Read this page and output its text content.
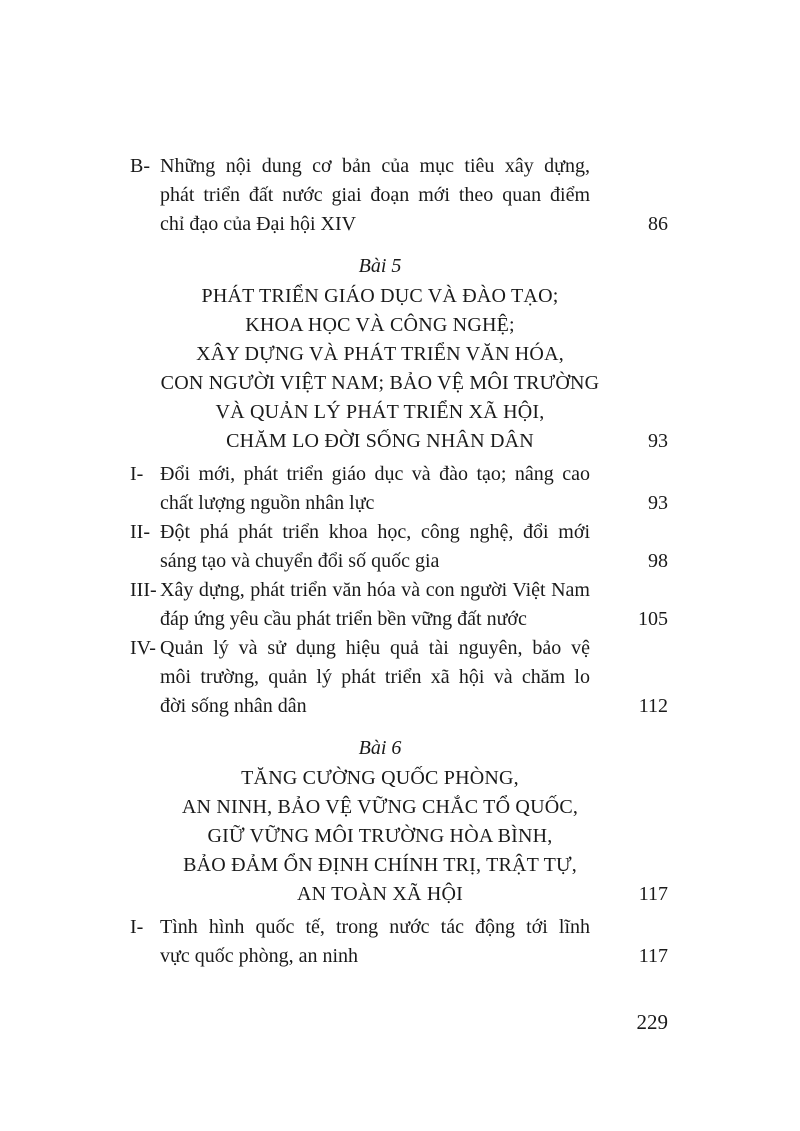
B- Những nội dung cơ bản của mục tiêu xây dựng,
phát triển đất nước giai đoạn mới theo quan điểm
chỉ đạo của Đại hội XIV	86
Bài 5
PHÁT TRIỂN GIÁO DỤC VÀ ĐÀO TẠO;
KHOA HỌC VÀ CÔNG NGHỆ;
XÂY DỰNG VÀ PHÁT TRIỂN VĂN HÓA,
CON NGƯỜI VIỆT NAM; BẢO VỆ MÔI TRƯỜNG
VÀ QUẢN LÝ PHÁT TRIỂN XÃ HỘI,
CHĂM LO ĐỜI SỐNG NHÂN DÂN	93
I- Đổi mới, phát triển giáo dục và đào tạo; nâng cao
chất lượng nguồn nhân lực	93
II- Đột phá phát triển khoa học, công nghệ, đổi mới
sáng tạo và chuyển đổi số quốc gia	98
III- Xây dựng, phát triển văn hóa và con người Việt Nam
đáp ứng yêu cầu phát triển bền vững đất nước	105
IV- Quản lý và sử dụng hiệu quả tài nguyên, bảo vệ
môi trường, quản lý phát triển xã hội và chăm lo
đời sống nhân dân	112
Bài 6
TĂNG CƯỜNG QUỐC PHÒNG,
AN NINH, BẢO VỆ VỮNG CHẮC TỔ QUỐC,
GIỮ VỮNG MÔI TRƯỜNG HÒA BÌNH,
BẢO ĐẢM ỔN ĐỊNH CHÍNH TRỊ, TRẬT TỰ,
AN TOÀN XÃ HỘI	117
I- Tình hình quốc tế, trong nước tác động tới lĩnh
vực quốc phòng, an ninh	117
229
